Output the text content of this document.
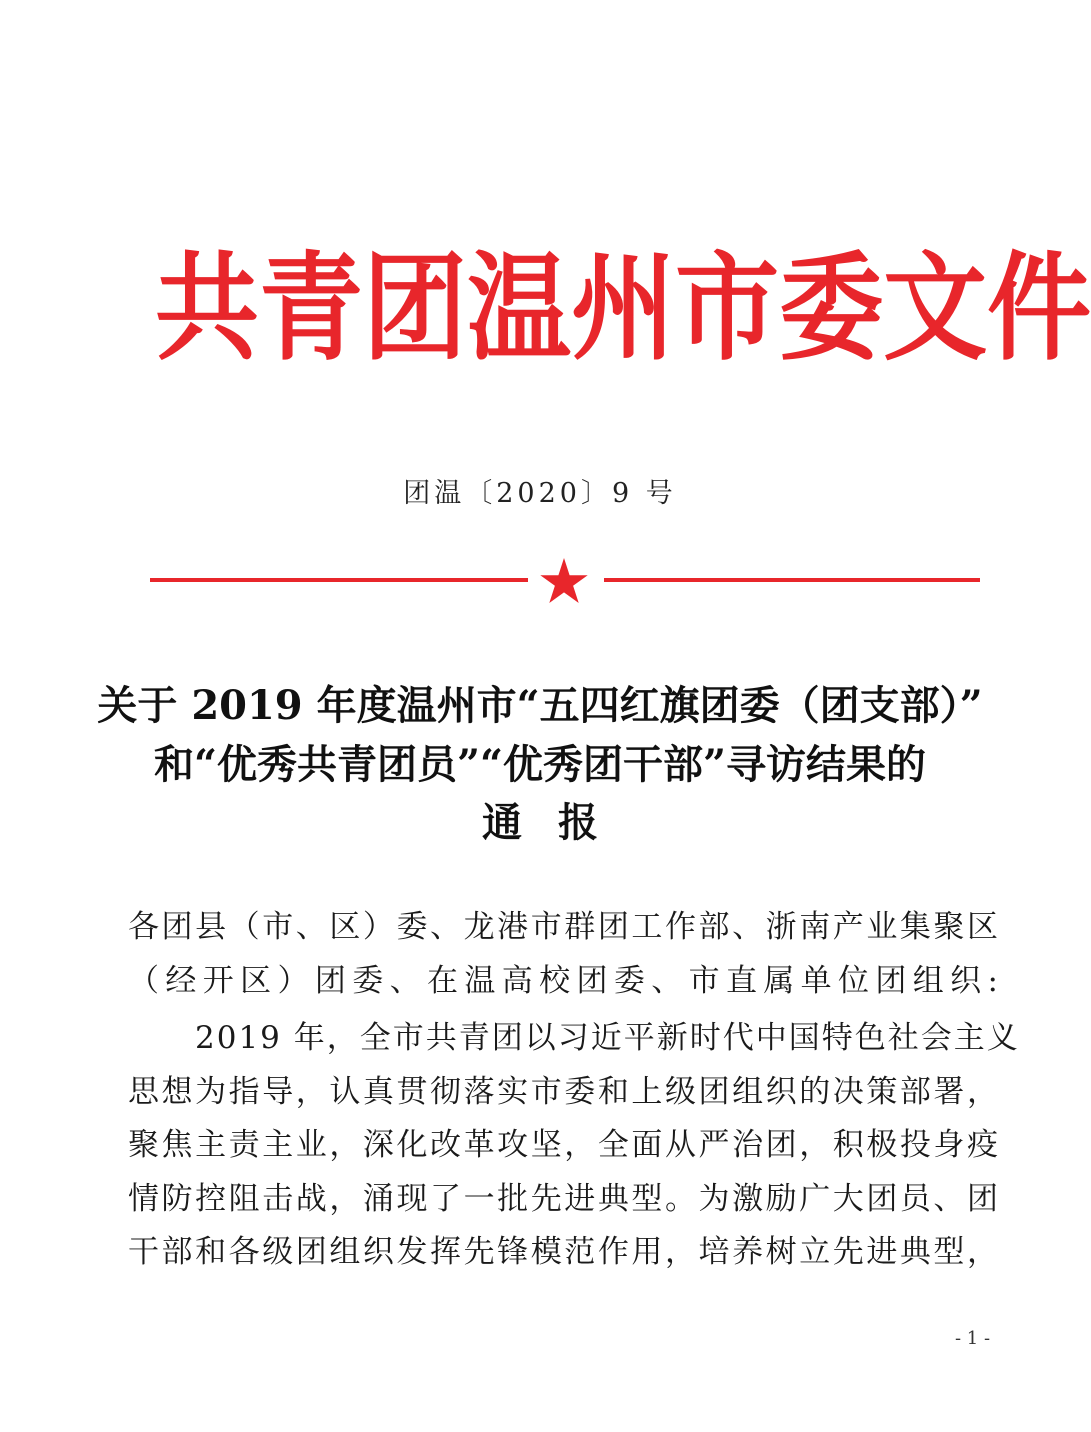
共 青 团 温 州 市 委 文 件
团温〔2020〕9 号
关于 2019 年度温州市“五四红旗团委（团支部）”
和“优秀共青团员”“优秀团干部”寻访结果的
通报
各团县（市、区）委、龙港市群团工作部、浙南产业集聚区
（经开区）团委、在温高校团委、市直属单位团组织:
2019 年，全市共青团以习近平新时代中国特色社会主义
思想为指导，认真贯彻落实市委和上级团组织的决策部署，
聚焦主责主业，深化改革攻坚，全面从严治团，积极投身疫
情防控阻击战，涌现了一批先进典型。为激励广大团员、团
干部和各级团组织发挥先锋模范作用，培养树立先进典型，
- 1 -
